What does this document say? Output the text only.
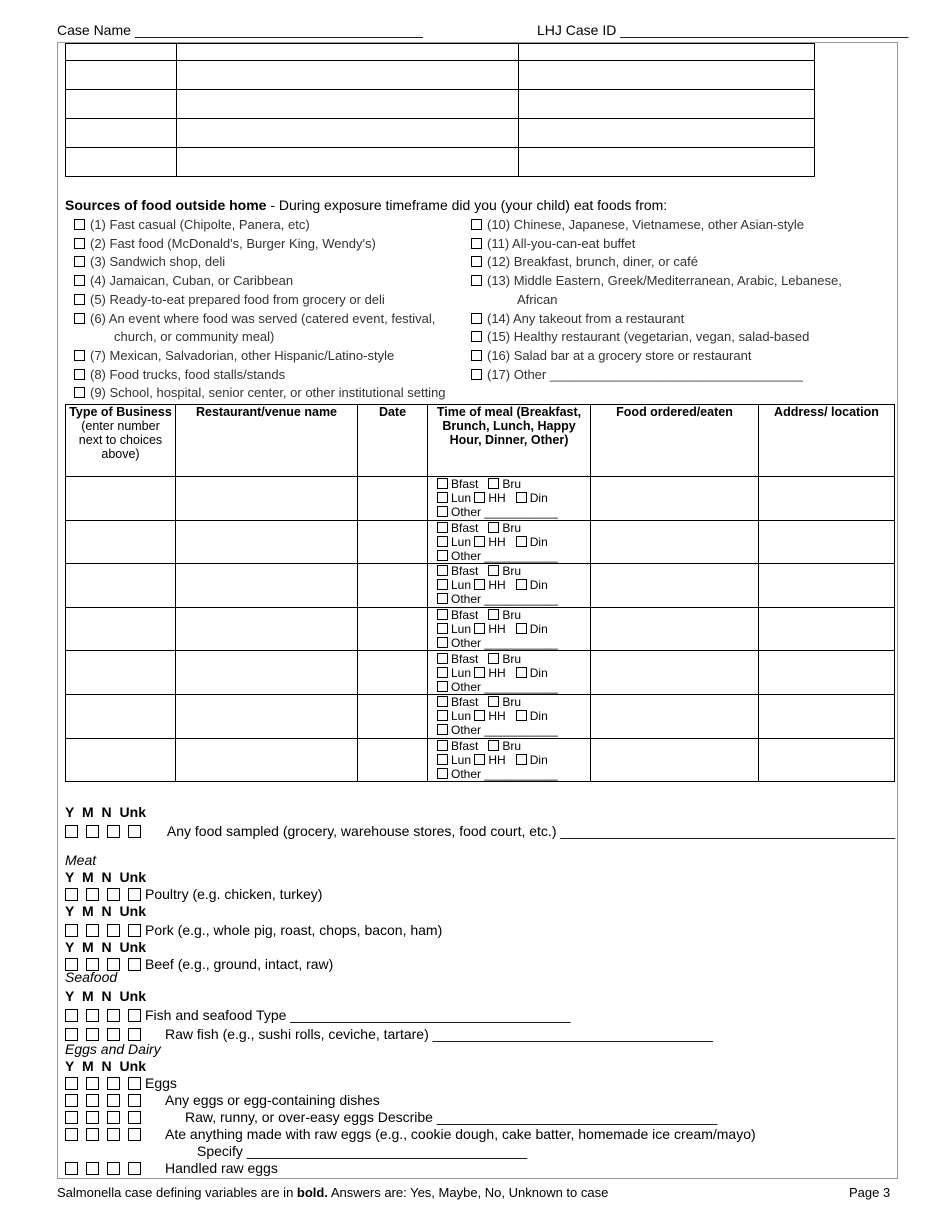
Case Name _____________________________________	LHJ Case ID _____________________________________

Sources of food outside home - During exposure timeframe did you (your child) eat foods from:
(1) Fast casual (Chipolte, Panera, etc)
(2) Fast food (McDonald's, Burger King, Wendy's)
(3) Sandwich shop, deli
(4) Jamaican, Cuban, or Caribbean
(5) Ready-to-eat prepared food from grocery or deli
(6) An event where food was served (catered event, festival,
church, or community meal)
(7) Mexican, Salvadorian, other Hispanic/Latino-style
(8) Food trucks, food stalls/stands
(9) School, hospital, senior center, or other institutional setting
(10) Chinese, Japanese, Vietnamese, other Asian-style
(11) All-you-can-eat buffet
(12) Breakfast, brunch, diner, or café
(13) Middle Eastern, Greek/Mediterranean, Arabic, Lebanese,
African
(14) Any takeout from a restaurant
(15) Healthy restaurant (vegetarian, vegan, salad-based
(16) Salad bar at a grocery store or restaurant
(17) Other ___________________________________
Type of Business

(enter number next to choices above)	Restaurant/venue name	Date	Time of meal (Breakfast, Brunch, Lunch, Happy Hour, Dinner, Other)	Food ordered/eaten	Address/ location

			Bfast Bru
Lun HH Din
Other ___________		

			Bfast Bru
Lun HH Din
Other ___________		

			Bfast Bru
Lun HH Din
Other ___________		

			Bfast Bru
Lun HH Din
Other ___________		

			Bfast Bru
Lun HH Din
Other ___________		

			Bfast Bru
Lun HH Din
Other ___________		

			Bfast Bru
Lun HH Din
Other ___________		

Y M N Unk
Any food sampled (grocery, warehouse stores, food court, etc.) ___________________________________________
Meat
Y M N Unk
Poultry (e.g. chicken, turkey)
Y M N Unk
Pork (e.g., whole pig, roast, chops, bacon, ham)
Y M N Unk
Beef (e.g., ground, intact, raw)
Seafood
Y M N Unk
Fish and seafood Type ____________________________________
Raw fish (e.g., sushi rolls, ceviche, tartare) ____________________________________
Eggs and Dairy
Y M N Unk
Eggs
Any eggs or egg-containing dishes
Raw, runny, or over-easy eggs Describe ____________________________________
Ate anything made with raw eggs (e.g., cookie dough, cake batter, homemade ice cream/mayo)
Specify ____________________________________
Handled raw eggs
Salmonella case defining variables are in bold. Answers are: Yes, Maybe, No, Unknown to case	Page 3
